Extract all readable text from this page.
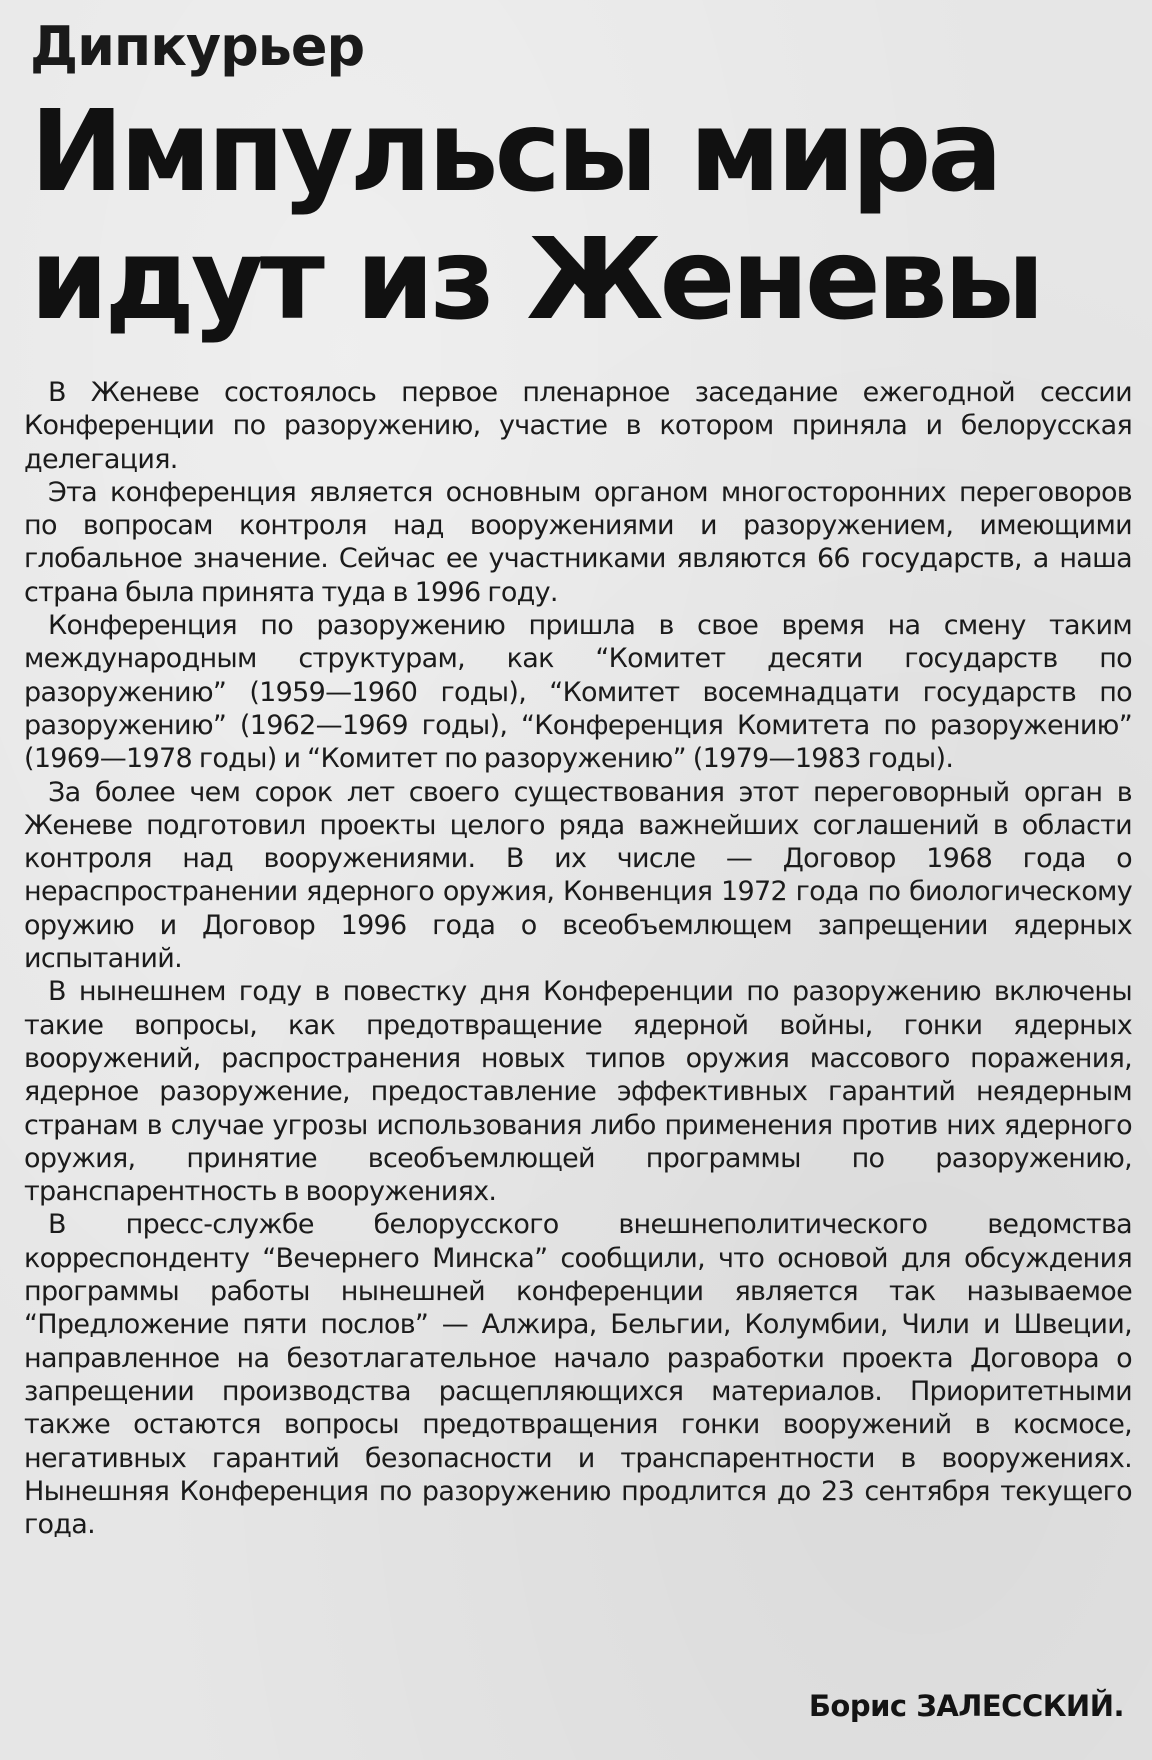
Дипкурьер
Импульсы мира
идут из Женевы

В Женеве состоялось первое пленарное заседание ежегодной сессии Конференции по разоружению, участие в котором приняла и белорусская делегация.

Эта конференция является основным органом многосторонних переговоров по вопросам контроля над вооружениями и разоружением, имеющими глобальное значение. Сейчас ее участниками являются 66 государств, а наша страна была принята туда в 1996 году.

Конференция по разоружению пришла в свое время на смену таким международным структурам, как “Комитет десяти государств по разоружению” (1959—1960 годы), “Комитет восемнадцати государств по разоружению” (1962—1969 годы), “Конференция Комитета по разоружению” (1969—1978 годы) и “Комитет по разоружению” (1979—1983 годы).

За более чем сорок лет своего существования этот переговорный орган в Женеве подготовил проекты целого ряда важнейших соглашений в области контроля над вооружениями. В их числе — Договор 1968 года о нераспространении ядерного оружия, Конвенция 1972 года по биологическому оружию и Договор 1996 года о всеобъемлющем запрещении ядерных испытаний.

В нынешнем году в повестку дня Конференции по разоружению включены такие вопросы, как предотвращение ядерной войны, гонки ядерных вооружений, распространения новых типов оружия массового поражения, ядерное разоружение, предоставление эффективных гарантий неядерным странам в случае угрозы использования либо применения против них ядерного оружия, принятие всеобъемлющей программы по разоружению, транспарентность в вооружениях.

В пресс-службе белорусского внешнеполитического ведомства корреспонденту “Вечернего Минска” сообщили, что основой для обсуждения программы работы нынешней конференции является так называемое “Предложение пяти послов” — Алжира, Бельгии, Колумбии, Чили и Швеции, направленное на безотлагательное начало разработки проекта Договора о запрещении производства расщепляющихся материалов. Приоритетными также остаются вопросы предотвращения гонки вооружений в космосе, негативных гарантий безопасности и транспарентности в вооружениях. Нынешняя Конференция по разоружению продлится до 23 сентября текущего года.

Борис ЗАЛЕССКИЙ.
